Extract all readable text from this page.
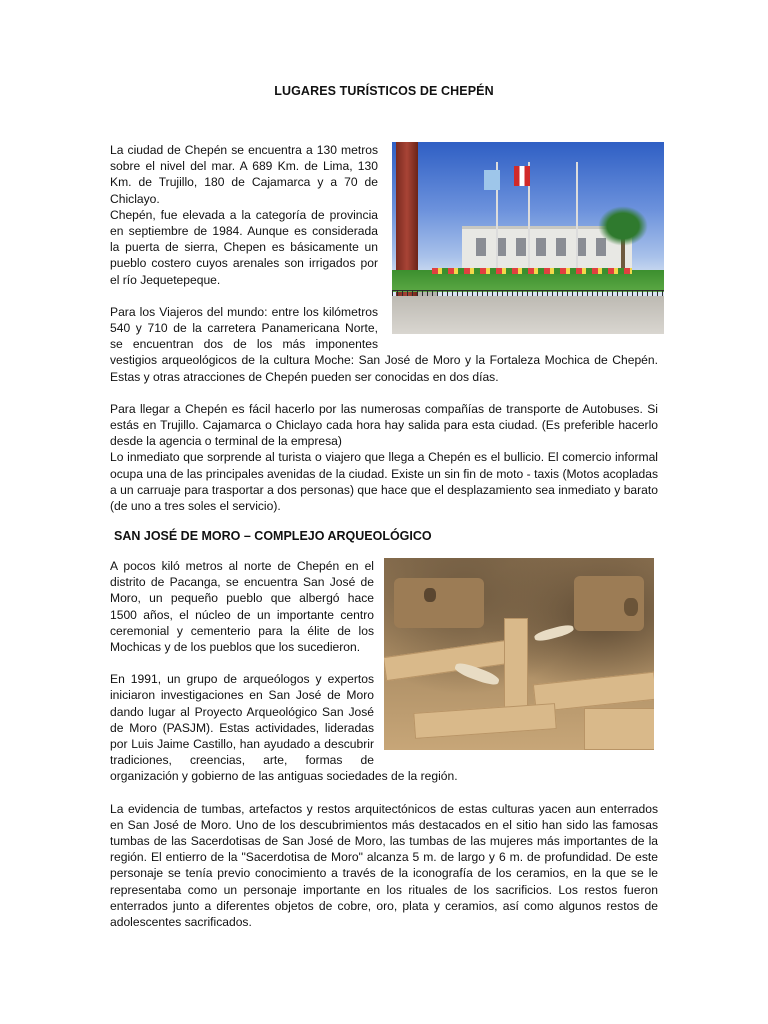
LUGARES TURÍSTICOS DE CHEPÉN

La ciudad de Chepén se encuentra a 130 metros sobre el nivel del mar. A 689 Km. de Lima, 130 Km. de Trujillo, 180 de Cajamarca y a 70 de Chiclayo.

Chepén, fue elevada a la categoría de provincia en septiembre de 1984. Aunque es considerada la puerta de sierra, Chepen es básicamente un pueblo costero cuyos arenales son irrigados por el río Jequetepeque.

Para los Viajeros del mundo: entre los kilómetros 540 y 710 de la carretera Panamericana Norte, se encuentran dos de los más imponentes vestigios arqueológicos de la cultura Moche: San José de Moro y la Fortaleza Mochica de Chepén. Estas y otras atracciones de Chepén pueden ser conocidas en dos días.

Para llegar a Chepén es fácil hacerlo por las numerosas compañías de transporte de Autobuses. Si estás en Trujillo. Cajamarca o Chiclayo cada hora hay salida para esta ciudad. (Es preferible hacerlo desde la agencia o terminal de la empresa)

Lo inmediato que sorprende al turista o viajero que llega a Chepén es el bullicio. El comercio informal ocupa una de las principales avenidas de la ciudad. Existe un sin fin de moto - taxis (Motos acopladas a un carruaje para trasportar a dos personas) que hace que el desplazamiento sea inmediato y barato (de uno a tres soles el servicio).

SAN JOSÉ DE MORO – COMPLEJO ARQUEOLÓGICO

A pocos kiló metros al norte de Chepén en el distrito de Pacanga, se encuentra San José de Moro, un pequeño pueblo que albergó hace 1500 años, el núcleo de un importante centro ceremonial y cementerio para la élite de los Mochicas y de los pueblos que los sucedieron.

En 1991, un grupo de arqueólogos y expertos iniciaron investigaciones en San José de Moro dando lugar al Proyecto Arqueológico San José de Moro (PASJM). Estas actividades, lideradas por Luis Jaime Castillo, han ayudado a descubrir tradiciones, creencias, arte, formas de organización y gobierno de las antiguas sociedades de la región.

La evidencia de tumbas, artefactos y restos arquitectónicos de estas culturas yacen aun enterrados en San José de Moro. Uno de los descubrimientos más destacados en el sitio han sido las famosas tumbas de las Sacerdotisas de San José de Moro, las tumbas de las mujeres más importantes de la región. El entierro de la "Sacerdotisa de Moro" alcanza 5 m. de largo y 6 m. de profundidad. De este personaje se tenía previo conocimiento a través de la iconografía de los ceramios, en la que se le representaba como un personaje importante en los rituales de los sacrificios. Los restos fueron enterrados junto a diferentes objetos de cobre, oro, plata y ceramios, así como algunos restos de adolescentes sacrificados.
